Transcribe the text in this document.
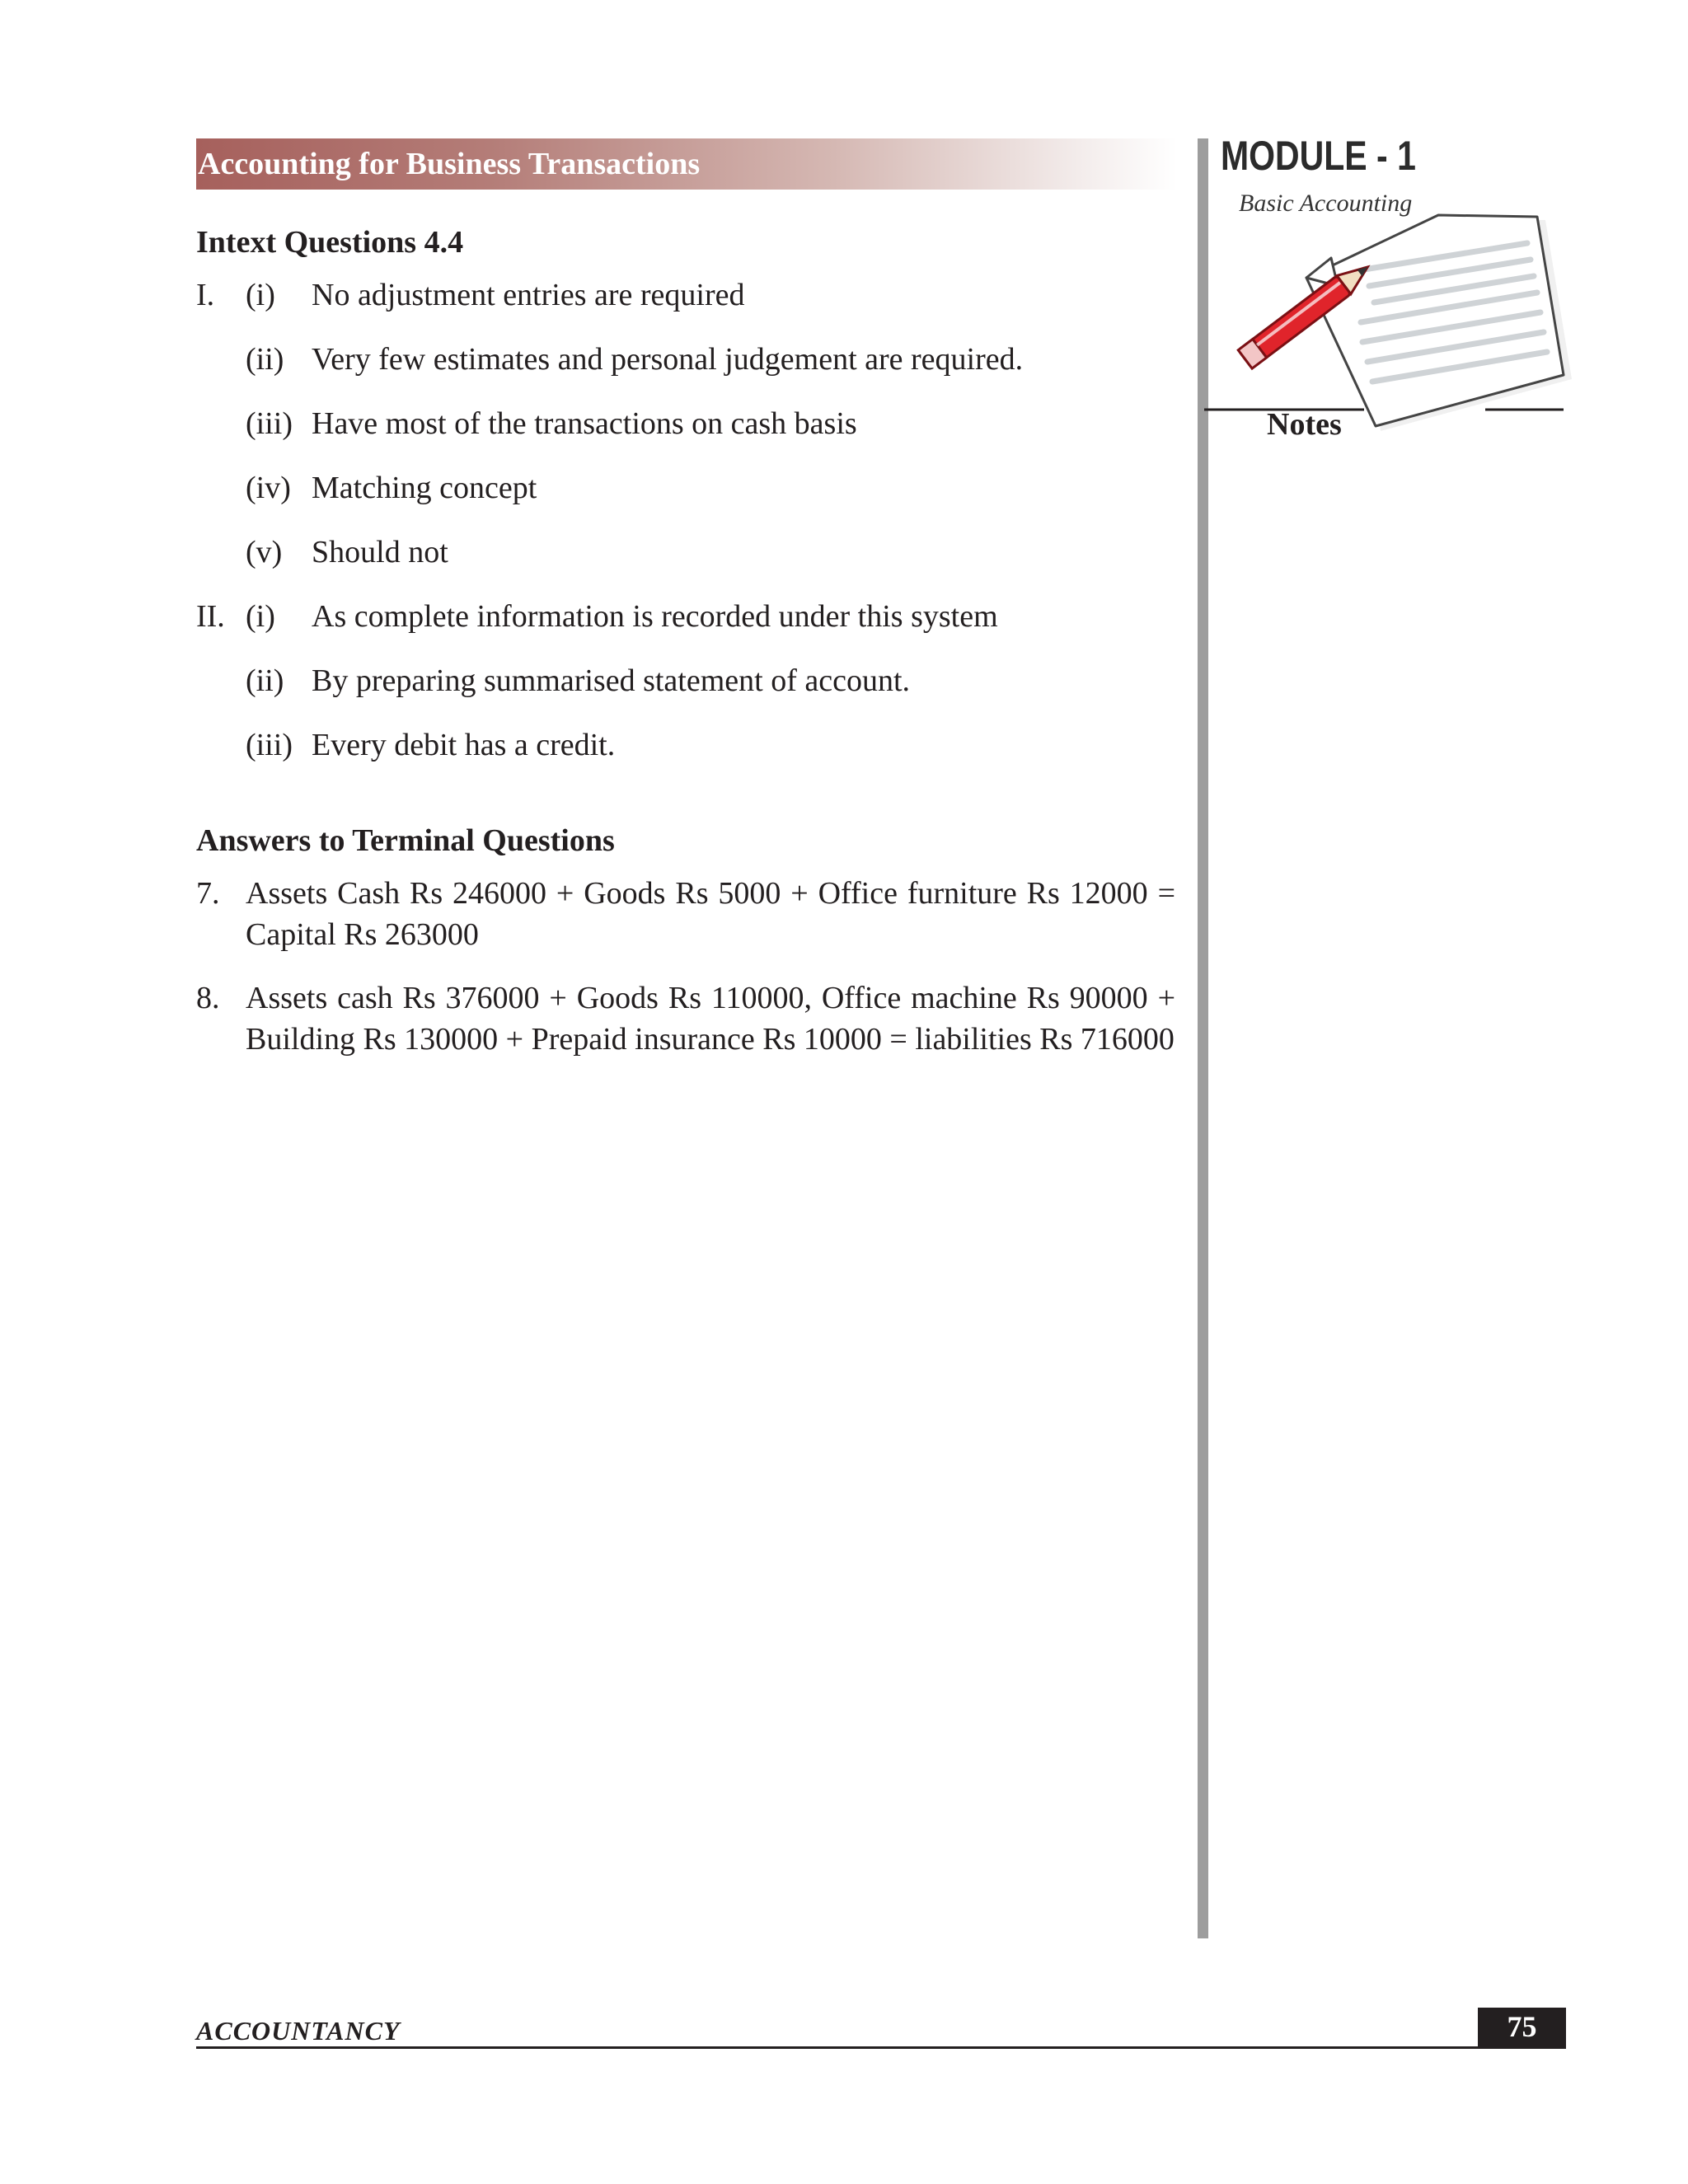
Accounting for Business Transactions	MODULE - 1
Basic Accounting
Notes
Intext Questions 4.4
I. (i) No adjustment entries are required
(ii) Very few estimates and personal judgement are required.
(iii) Have most of the transactions on cash basis
(iv) Matching concept
(v) Should not
II. (i) As complete information is recorded under this system
(ii) By preparing summarised statement of account.
(iii) Every debit has a credit.
Answers to Terminal Questions
7. Assets Cash Rs 246000 + Goods Rs 5000 + Office furniture Rs 12000 = Capital Rs 263000
8. Assets cash Rs 376000 + Goods Rs 110000, Office machine Rs 90000 + Building Rs 130000 + Prepaid insurance Rs 10000 = liabilities Rs 716000
ACCOUNTANCY	75
